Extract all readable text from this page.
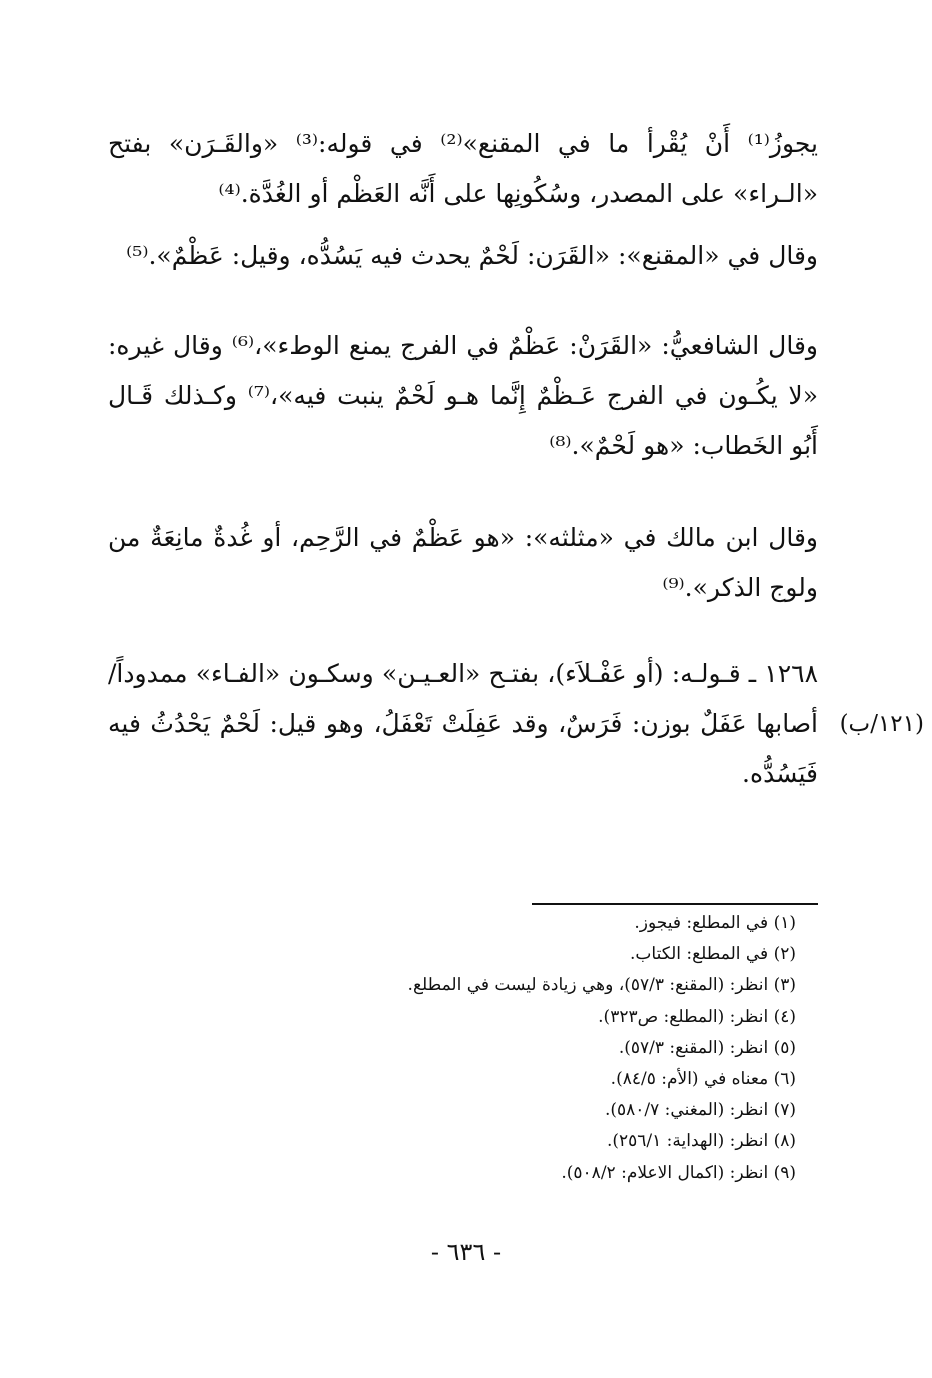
يجوزُ⁽¹⁾ أَنْ يُقْرأ ما في المقنع»⁽²⁾ في قوله:⁽³⁾ «والقَـرَن» بفتح «الـراء» على المصدر، وسُكُونِها على أَنَّه العَظْم أو الغُدَّة.⁽⁴⁾

وقال في «المقنع»: «القَرَن: لَحْمٌ يحدث فيه يَسُدُّه، وقيل: عَظْمٌ».⁽⁵⁾

وقال الشافعيُّ: «القَرَنْ: عَظْمٌ في الفرج يمنع الوطء»،⁽⁶⁾ وقال غيره: «لا يكُـون في الفرج عَـظْمٌ إِنَّما هـو لَحْمٌ ينبت فيه»،⁽⁷⁾ وكـذلك قَـال أَبُو الخَطاب: «هو لَحْمٌ».⁽⁸⁾

وقال ابن مالك في «مثلثه»: «هو عَظْمٌ في الرَّحِم، أو غُدةٌ مانِعَةٌ من ولوج الذكر».⁽⁹⁾

١٢٦٨ ـ قـولـه: (أو عَفْـلاَء)، بفتـح «العـيـن» وسكـون «الفـاء» ممدوداً/أصابها عَفَلٌ بوزن: فَرَسٌ، وقد عَفِلَتْ تَعْفَلُ، وهو قيل: لَحْمٌ يَحْدُثُ فيه فَيَسُدُّه.

(١٢١/ب)
(١) في المطلع: فيجوز.
(٢) في المطلع: الكتاب.
(٣) انظر: (المقنع: ٥٧/٣)، وهي زيادة ليست في المطلع.
(٤) انظر: (المطلع: ص٣٢٣).
(٥) انظر: (المقنع: ٥٧/٣).
(٦) معناه في (الأم: ٨٤/٥).
(٧) انظر: (المغني: ٥٨٠/٧).
(٨) انظر: (الهداية: ٢٥٦/١).
(٩) انظر: (اكمال الاعلام: ٥٠٨/٢).
- ٦٣٦ -
